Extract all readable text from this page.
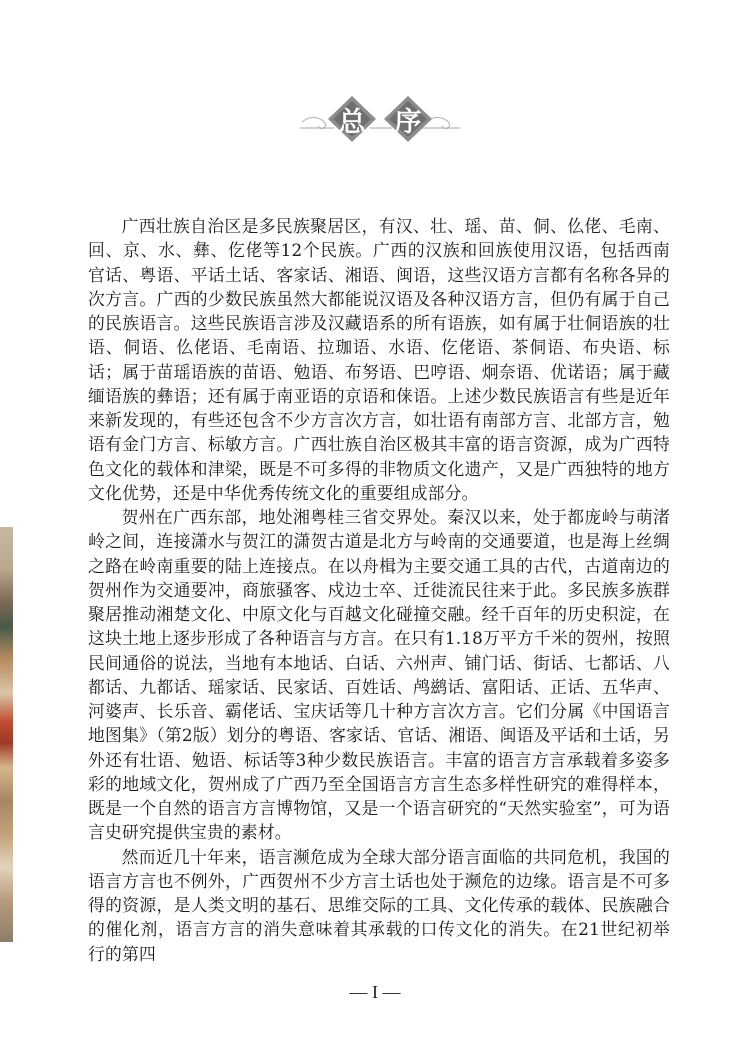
总 序

广西壮族自治区是多民族聚居区，有汉、壮、瑶、苗、侗、仫佬、毛南、回、京、水、彝、仡佬等12个民族。广西的汉族和回族使用汉语，包括西南官话、粤语、平话土话、客家话、湘语、闽语，这些汉语方言都有名称各异的次方言。广西的少数民族虽然大都能说汉语及各种汉语方言，但仍有属于自己的民族语言。这些民族语言涉及汉藏语系的所有语族，如有属于壮侗语族的壮语、侗语、仫佬语、毛南语、拉珈语、水语、仡佬语、茶侗语、布央语、标话；属于苗瑶语族的苗语、勉语、布努语、巴哼语、炯奈语、优诺语；属于藏缅语族的彝语；还有属于南亚语的京语和俫语。上述少数民族语言有些是近年来新发现的，有些还包含不少方言次方言，如壮语有南部方言、北部方言，勉语有金门方言、标敏方言。广西壮族自治区极其丰富的语言资源，成为广西特色文化的载体和津梁，既是不可多得的非物质文化遗产，又是广西独特的地方文化优势，还是中华优秀传统文化的重要组成部分。

贺州在广西东部，地处湘粤桂三省交界处。秦汉以来，处于都庞岭与萌渚岭之间，连接潇水与贺江的潇贺古道是北方与岭南的交通要道，也是海上丝绸之路在岭南重要的陆上连接点。在以舟楫为主要交通工具的古代，古道南边的贺州作为交通要冲，商旅骚客、戍边士卒、迁徙流民往来于此。多民族多族群聚居推动湘楚文化、中原文化与百越文化碰撞交融。经千百年的历史积淀，在这块土地上逐步形成了各种语言与方言。在只有1.18万平方千米的贺州，按照民间通俗的说法，当地有本地话、白话、六州声、铺门话、街话、七都话、八都话、九都话、瑶家话、民家话、百姓话、鸬鹚话、富阳话、正话、五华声、河婆声、长乐音、霸佬话、宝庆话等几十种方言次方言。它们分属《中国语言地图集》（第2版）划分的粤语、客家话、官话、湘语、闽语及平话和土话，另外还有壮语、勉语、标话等3种少数民族语言。丰富的语言方言承载着多姿多彩的地域文化，贺州成了广西乃至全国语言方言生态多样性研究的难得样本，既是一个自然的语言方言博物馆，又是一个语言研究的“天然实验室”，可为语言史研究提供宝贵的素材。

然而近几十年来，语言濒危成为全球大部分语言面临的共同危机，我国的语言方言也不例外，广西贺州不少方言土话也处于濒危的边缘。语言是不可多得的资源，是人类文明的基石、思维交际的工具、文化传承的载体、民族融合的催化剂，语言方言的消失意味着其承载的口传文化的消失。在21世纪初举行的第四

— I —
